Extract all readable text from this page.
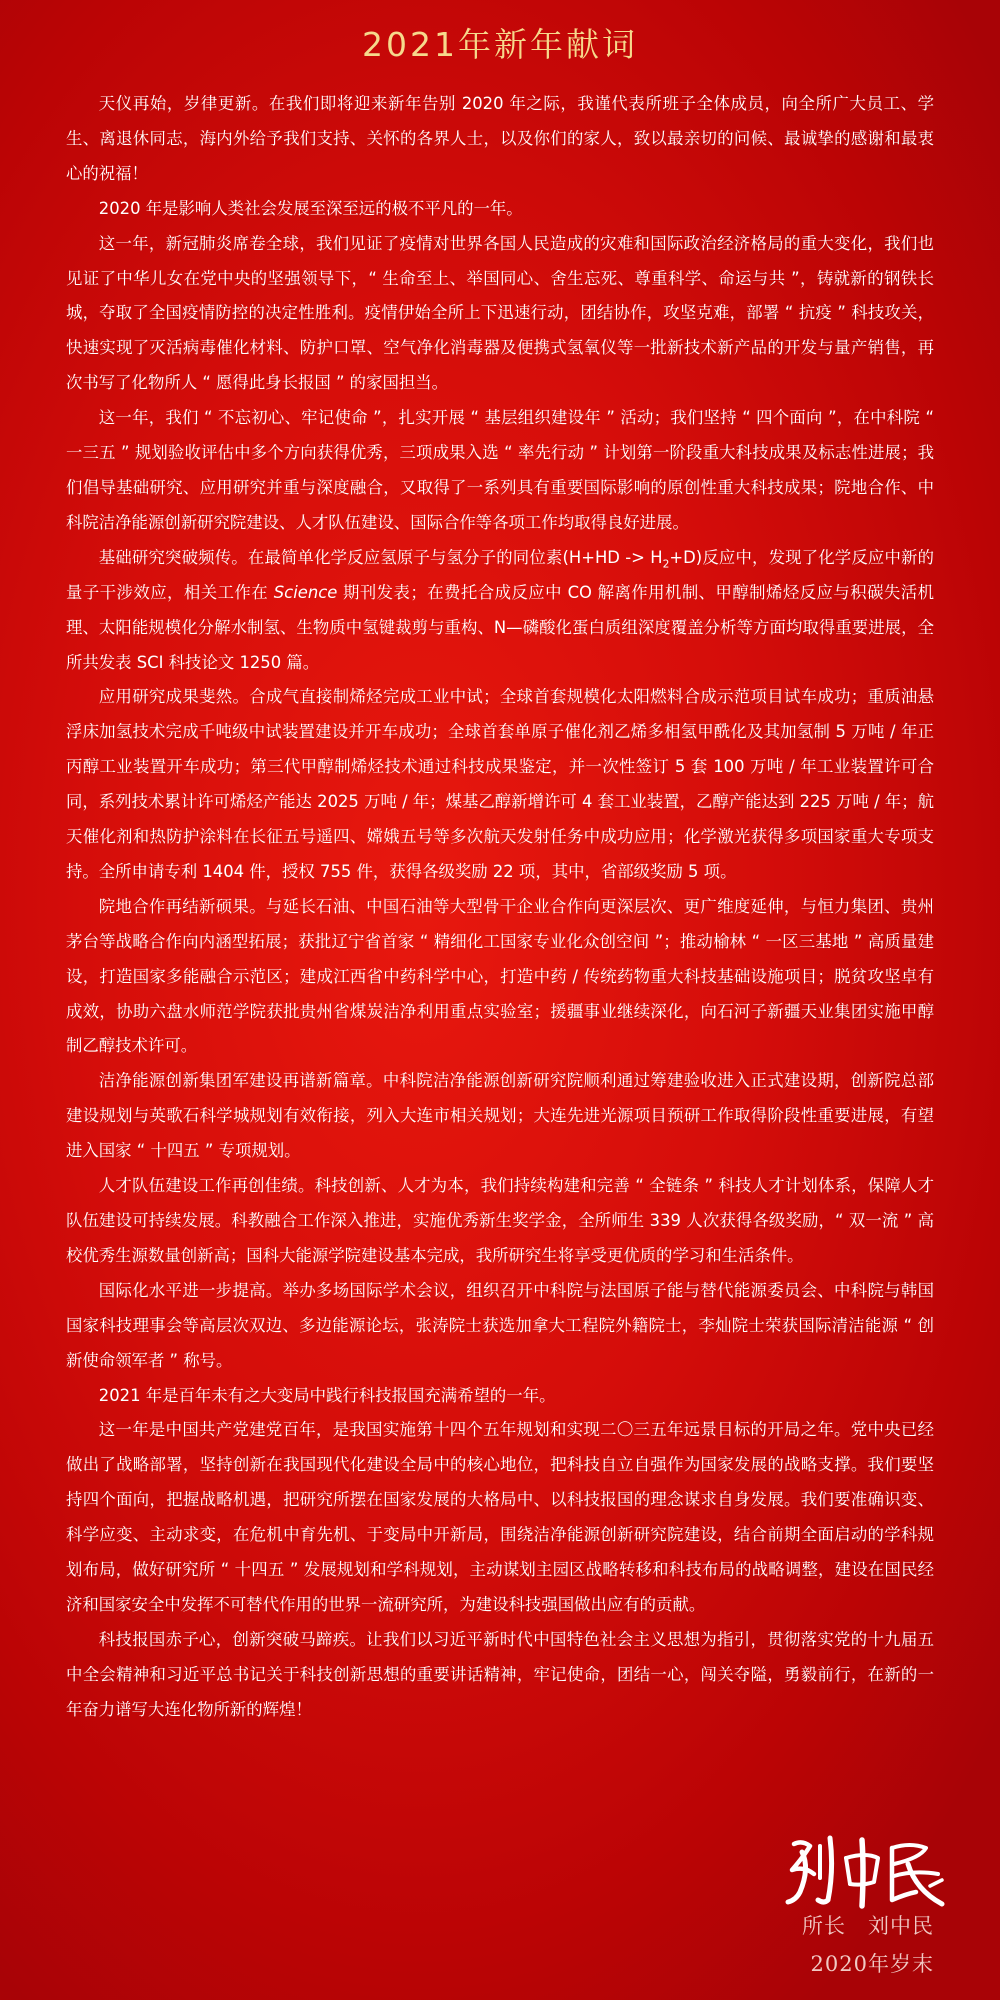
2021年新年献词

天仪再始，岁律更新。在我们即将迎来新年告别 2020 年之际，我谨代表所班子全体成员，向全所广大员工、学生、离退休同志，海内外给予我们支持、关怀的各界人士，以及你们的家人，致以最亲切的问候、最诚挚的感谢和最衷心的祝福！

2020 年是影响人类社会发展至深至远的极不平凡的一年。

这一年，新冠肺炎席卷全球，我们见证了疫情对世界各国人民造成的灾难和国际政治经济格局的重大变化，我们也见证了中华儿女在党中央的坚强领导下，“ 生命至上、举国同心、舍生忘死、尊重科学、命运与共 ”，铸就新的钢铁长城，夺取了全国疫情防控的决定性胜利。疫情伊始全所上下迅速行动，团结协作，攻坚克难，部署 “ 抗疫 ” 科技攻关，快速实现了灭活病毒催化材料、防护口罩、空气净化消毒器及便携式氢氧仪等一批新技术新产品的开发与量产销售，再次书写了化物所人 “ 愿得此身长报国 ” 的家国担当。

这一年，我们 “ 不忘初心、牢记使命 ”，扎实开展 “ 基层组织建设年 ” 活动；我们坚持 “ 四个面向 ”，在中科院 “ 一三五 ” 规划验收评估中多个方向获得优秀，三项成果入选 “ 率先行动 ” 计划第一阶段重大科技成果及标志性进展；我们倡导基础研究、应用研究并重与深度融合，又取得了一系列具有重要国际影响的原创性重大科技成果；院地合作、中科院洁净能源创新研究院建设、人才队伍建设、国际合作等各项工作均取得良好进展。

基础研究突破频传。在最简单化学反应氢原子与氢分子的同位素$(H+HD -> H_2+D)$反应中，发现了化学反应中新的量子干涉效应，相关工作在 Science 期刊发表；在费托合成反应中 CO 解离作用机制、甲醇制烯烃反应与积碳失活机理、太阳能规模化分解水制氢、生物质中氢键裁剪与重构、N—磷酸化蛋白质组深度覆盖分析等方面均取得重要进展，全所共发表 SCI 科技论文 1250 篇。

应用研究成果斐然。合成气直接制烯烃完成工业中试；全球首套规模化太阳燃料合成示范项目试车成功；重质油悬浮床加氢技术完成千吨级中试装置建设并开车成功；全球首套单原子催化剂乙烯多相氢甲酰化及其加氢制 5 万吨 / 年正丙醇工业装置开车成功；第三代甲醇制烯烃技术通过科技成果鉴定，并一次性签订 5 套 100 万吨 / 年工业装置许可合同，系列技术累计许可烯烃产能达 2025 万吨 / 年；煤基乙醇新增许可 4 套工业装置，乙醇产能达到 225 万吨 / 年；航天催化剂和热防护涂料在长征五号遥四、嫦娥五号等多次航天发射任务中成功应用；化学激光获得多项国家重大专项支持。全所申请专利 1404 件，授权 755 件，获得各级奖励 22 项，其中，省部级奖励 5 项。

院地合作再结新硕果。与延长石油、中国石油等大型骨干企业合作向更深层次、更广维度延伸，与恒力集团、贵州茅台等战略合作向内涵型拓展；获批辽宁省首家 “ 精细化工国家专业化众创空间 ”；推动榆林 “ 一区三基地 ” 高质量建设，打造国家多能融合示范区；建成江西省中药科学中心，打造中药 / 传统药物重大科技基础设施项目；脱贫攻坚卓有成效，协助六盘水师范学院获批贵州省煤炭洁净利用重点实验室；援疆事业继续深化，向石河子新疆天业集团实施甲醇制乙醇技术许可。

洁净能源创新集团军建设再谱新篇章。中科院洁净能源创新研究院顺利通过筹建验收进入正式建设期，创新院总部建设规划与英歌石科学城规划有效衔接，列入大连市相关规划；大连先进光源项目预研工作取得阶段性重要进展，有望进入国家 “ 十四五 ” 专项规划。

人才队伍建设工作再创佳绩。科技创新、人才为本，我们持续构建和完善 “ 全链条 ” 科技人才计划体系，保障人才队伍建设可持续发展。科教融合工作深入推进，实施优秀新生奖学金，全所师生 339 人次获得各级奖励，“ 双一流 ” 高校优秀生源数量创新高；国科大能源学院建设基本完成，我所研究生将享受更优质的学习和生活条件。

国际化水平进一步提高。举办多场国际学术会议，组织召开中科院与法国原子能与替代能源委员会、中科院与韩国国家科技理事会等高层次双边、多边能源论坛，张涛院士获选加拿大工程院外籍院士，李灿院士荣获国际清洁能源 “ 创新使命领军者 ” 称号。

2021 年是百年未有之大变局中践行科技报国充满希望的一年。

这一年是中国共产党建党百年，是我国实施第十四个五年规划和实现二〇三五年远景目标的开局之年。党中央已经做出了战略部署，坚持创新在我国现代化建设全局中的核心地位，把科技自立自强作为国家发展的战略支撑。我们要坚持四个面向，把握战略机遇，把研究所摆在国家发展的大格局中、以科技报国的理念谋求自身发展。我们要准确识变、科学应变、主动求变，在危机中育先机、于变局中开新局，围绕洁净能源创新研究院建设，结合前期全面启动的学科规划布局，做好研究所 “ 十四五 ” 发展规划和学科规划，主动谋划主园区战略转移和科技布局的战略调整，建设在国民经济和国家安全中发挥不可替代作用的世界一流研究所，为建设科技强国做出应有的贡献。

科技报国赤子心，创新突破马蹄疾。让我们以习近平新时代中国特色社会主义思想为指引，贯彻落实党的十九届五中全会精神和习近平总书记关于科技创新思想的重要讲话精神，牢记使命，团结一心，闯关夺隘，勇毅前行，在新的一年奋力谱写大连化物所新的辉煌！

所长　刘中民
2020年岁末
